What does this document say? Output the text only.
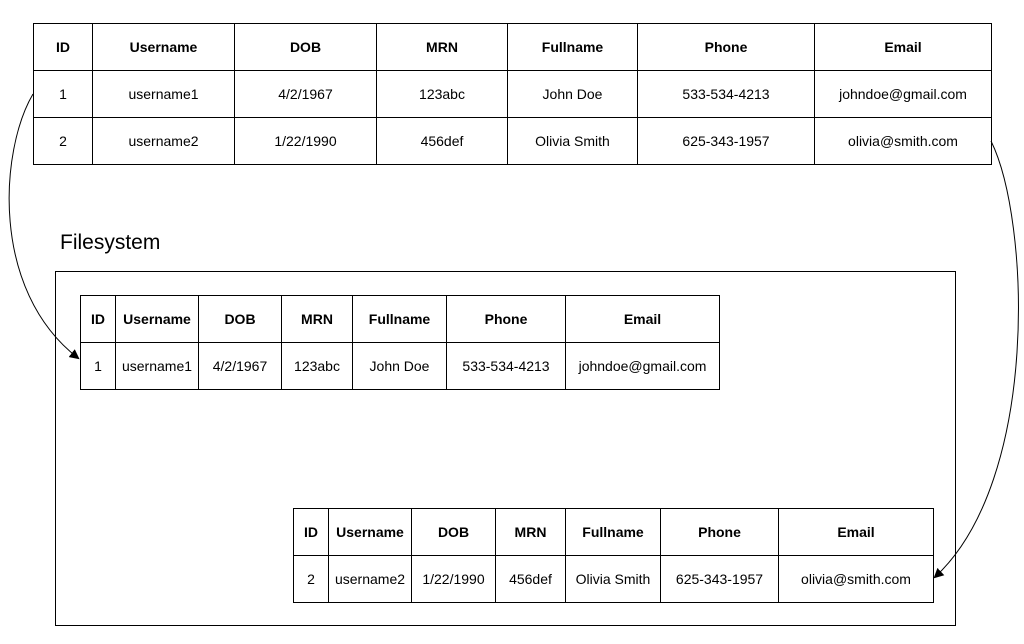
ID	Username	DOB	MRN	Fullname	Phone	Email
1	username1	4/2/1967	123abc	John Doe	533-534-4213	johndoe@gmail.com
2	username2	1/22/1990	456def	Olivia Smith	625-343-1957	olivia@smith.com
Filesystem
ID	Username	DOB	MRN	Fullname	Phone	Email
1	username1	4/2/1967	123abc	John Doe	533-534-4213	johndoe@gmail.com
ID	Username	DOB	MRN	Fullname	Phone	Email
2	username2	1/22/1990	456def	Olivia Smith	625-343-1957	olivia@smith.com
